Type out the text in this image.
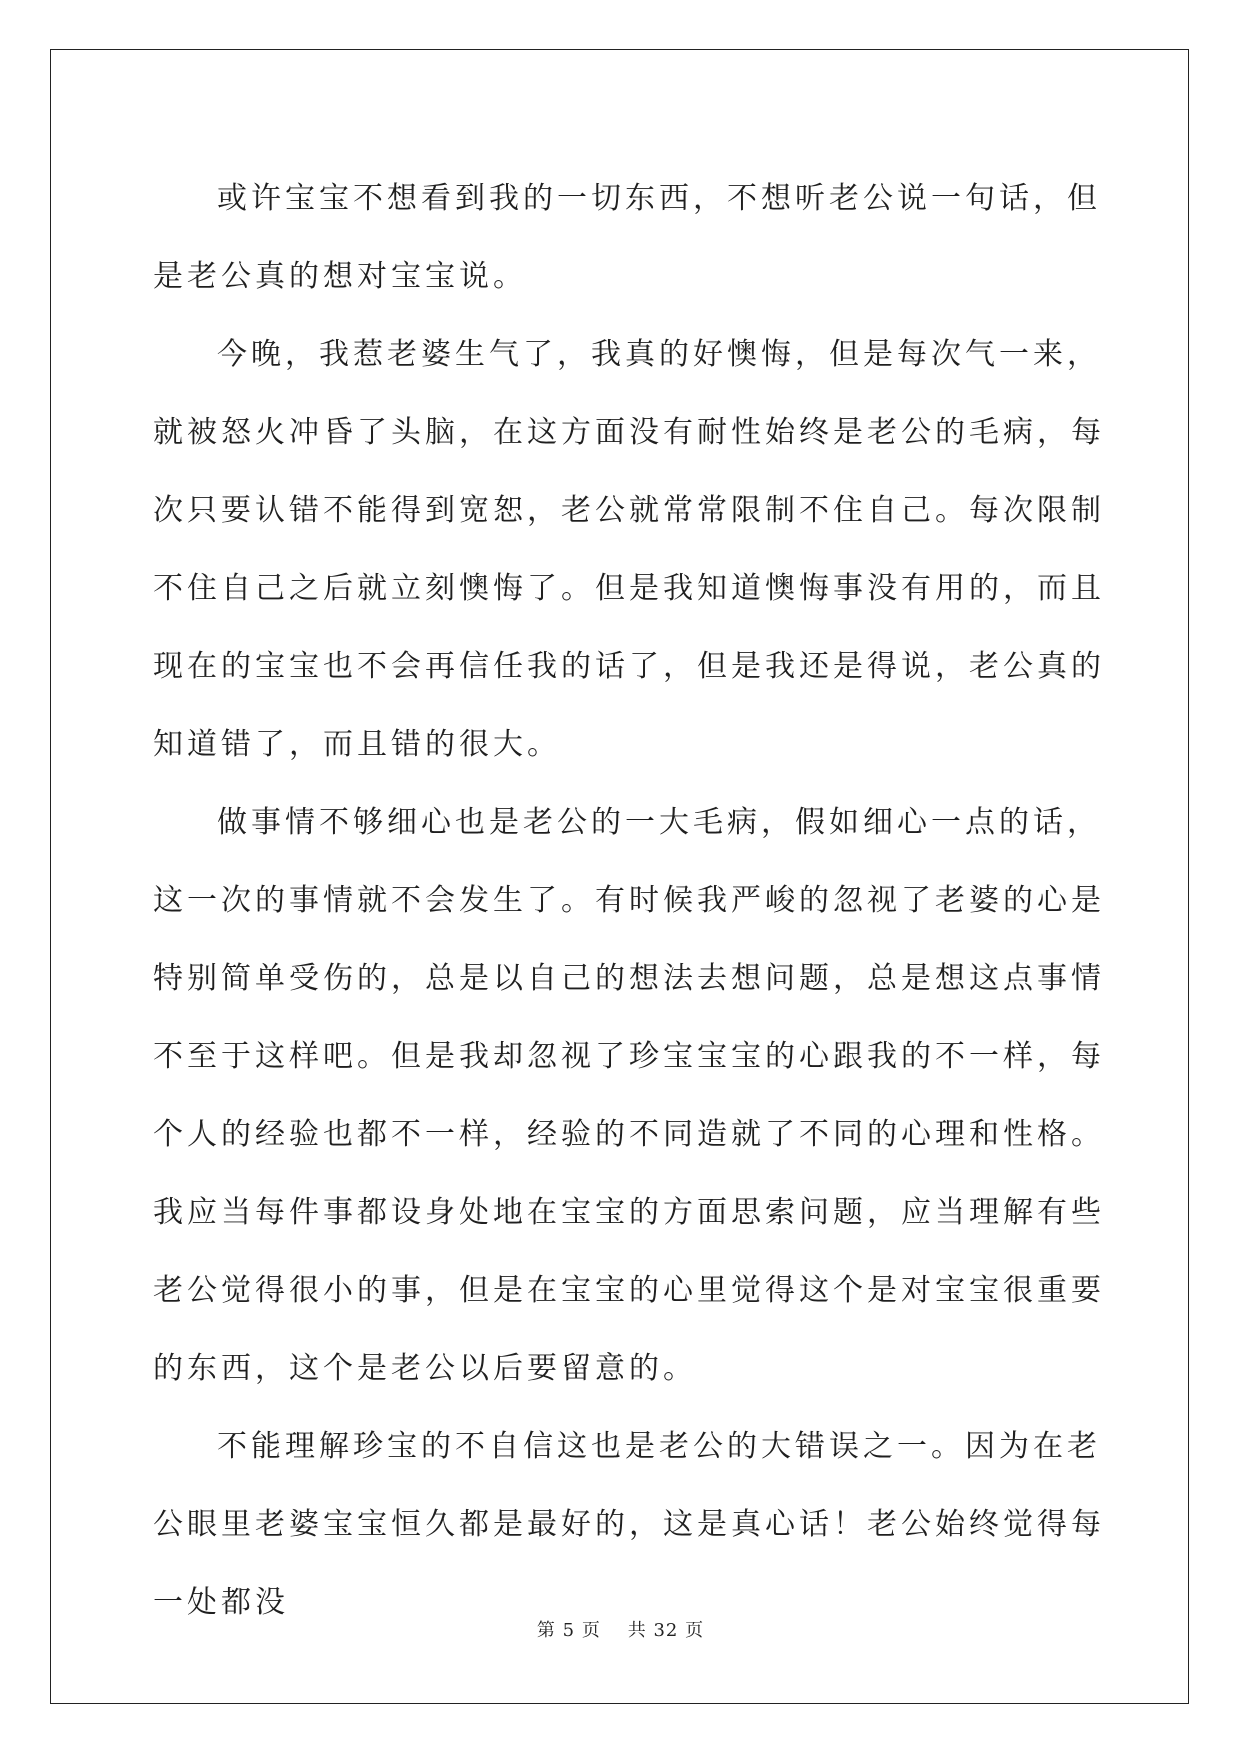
或许宝宝不想看到我的一切东西，不想听老公说一句话，但是老公真的想对宝宝说。

今晚，我惹老婆生气了，我真的好懊悔，但是每次气一来，就被怒火冲昏了头脑，在这方面没有耐性始终是老公的毛病，每次只要认错不能得到宽恕，老公就常常限制不住自己。每次限制不住自己之后就立刻懊悔了。但是我知道懊悔事没有用的，而且现在的宝宝也不会再信任我的话了，但是我还是得说，老公真的知道错了，而且错的很大。

做事情不够细心也是老公的一大毛病，假如细心一点的话，这一次的事情就不会发生了。有时候我严峻的忽视了老婆的心是特别简单受伤的，总是以自己的想法去想问题，总是想这点事情不至于这样吧。但是我却忽视了珍宝宝宝的心跟我的不一样，每个人的经验也都不一样，经验的不同造就了不同的心理和性格。我应当每件事都设身处地在宝宝的方面思索问题，应当理解有些老公觉得很小的事，但是在宝宝的心里觉得这个是对宝宝很重要的东西，这个是老公以后要留意的。

不能理解珍宝的不自信这也是老公的大错误之一。因为在老公眼里老婆宝宝恒久都是最好的，这是真心话！老公始终觉得每一处都没

第 5 页 共 32 页
